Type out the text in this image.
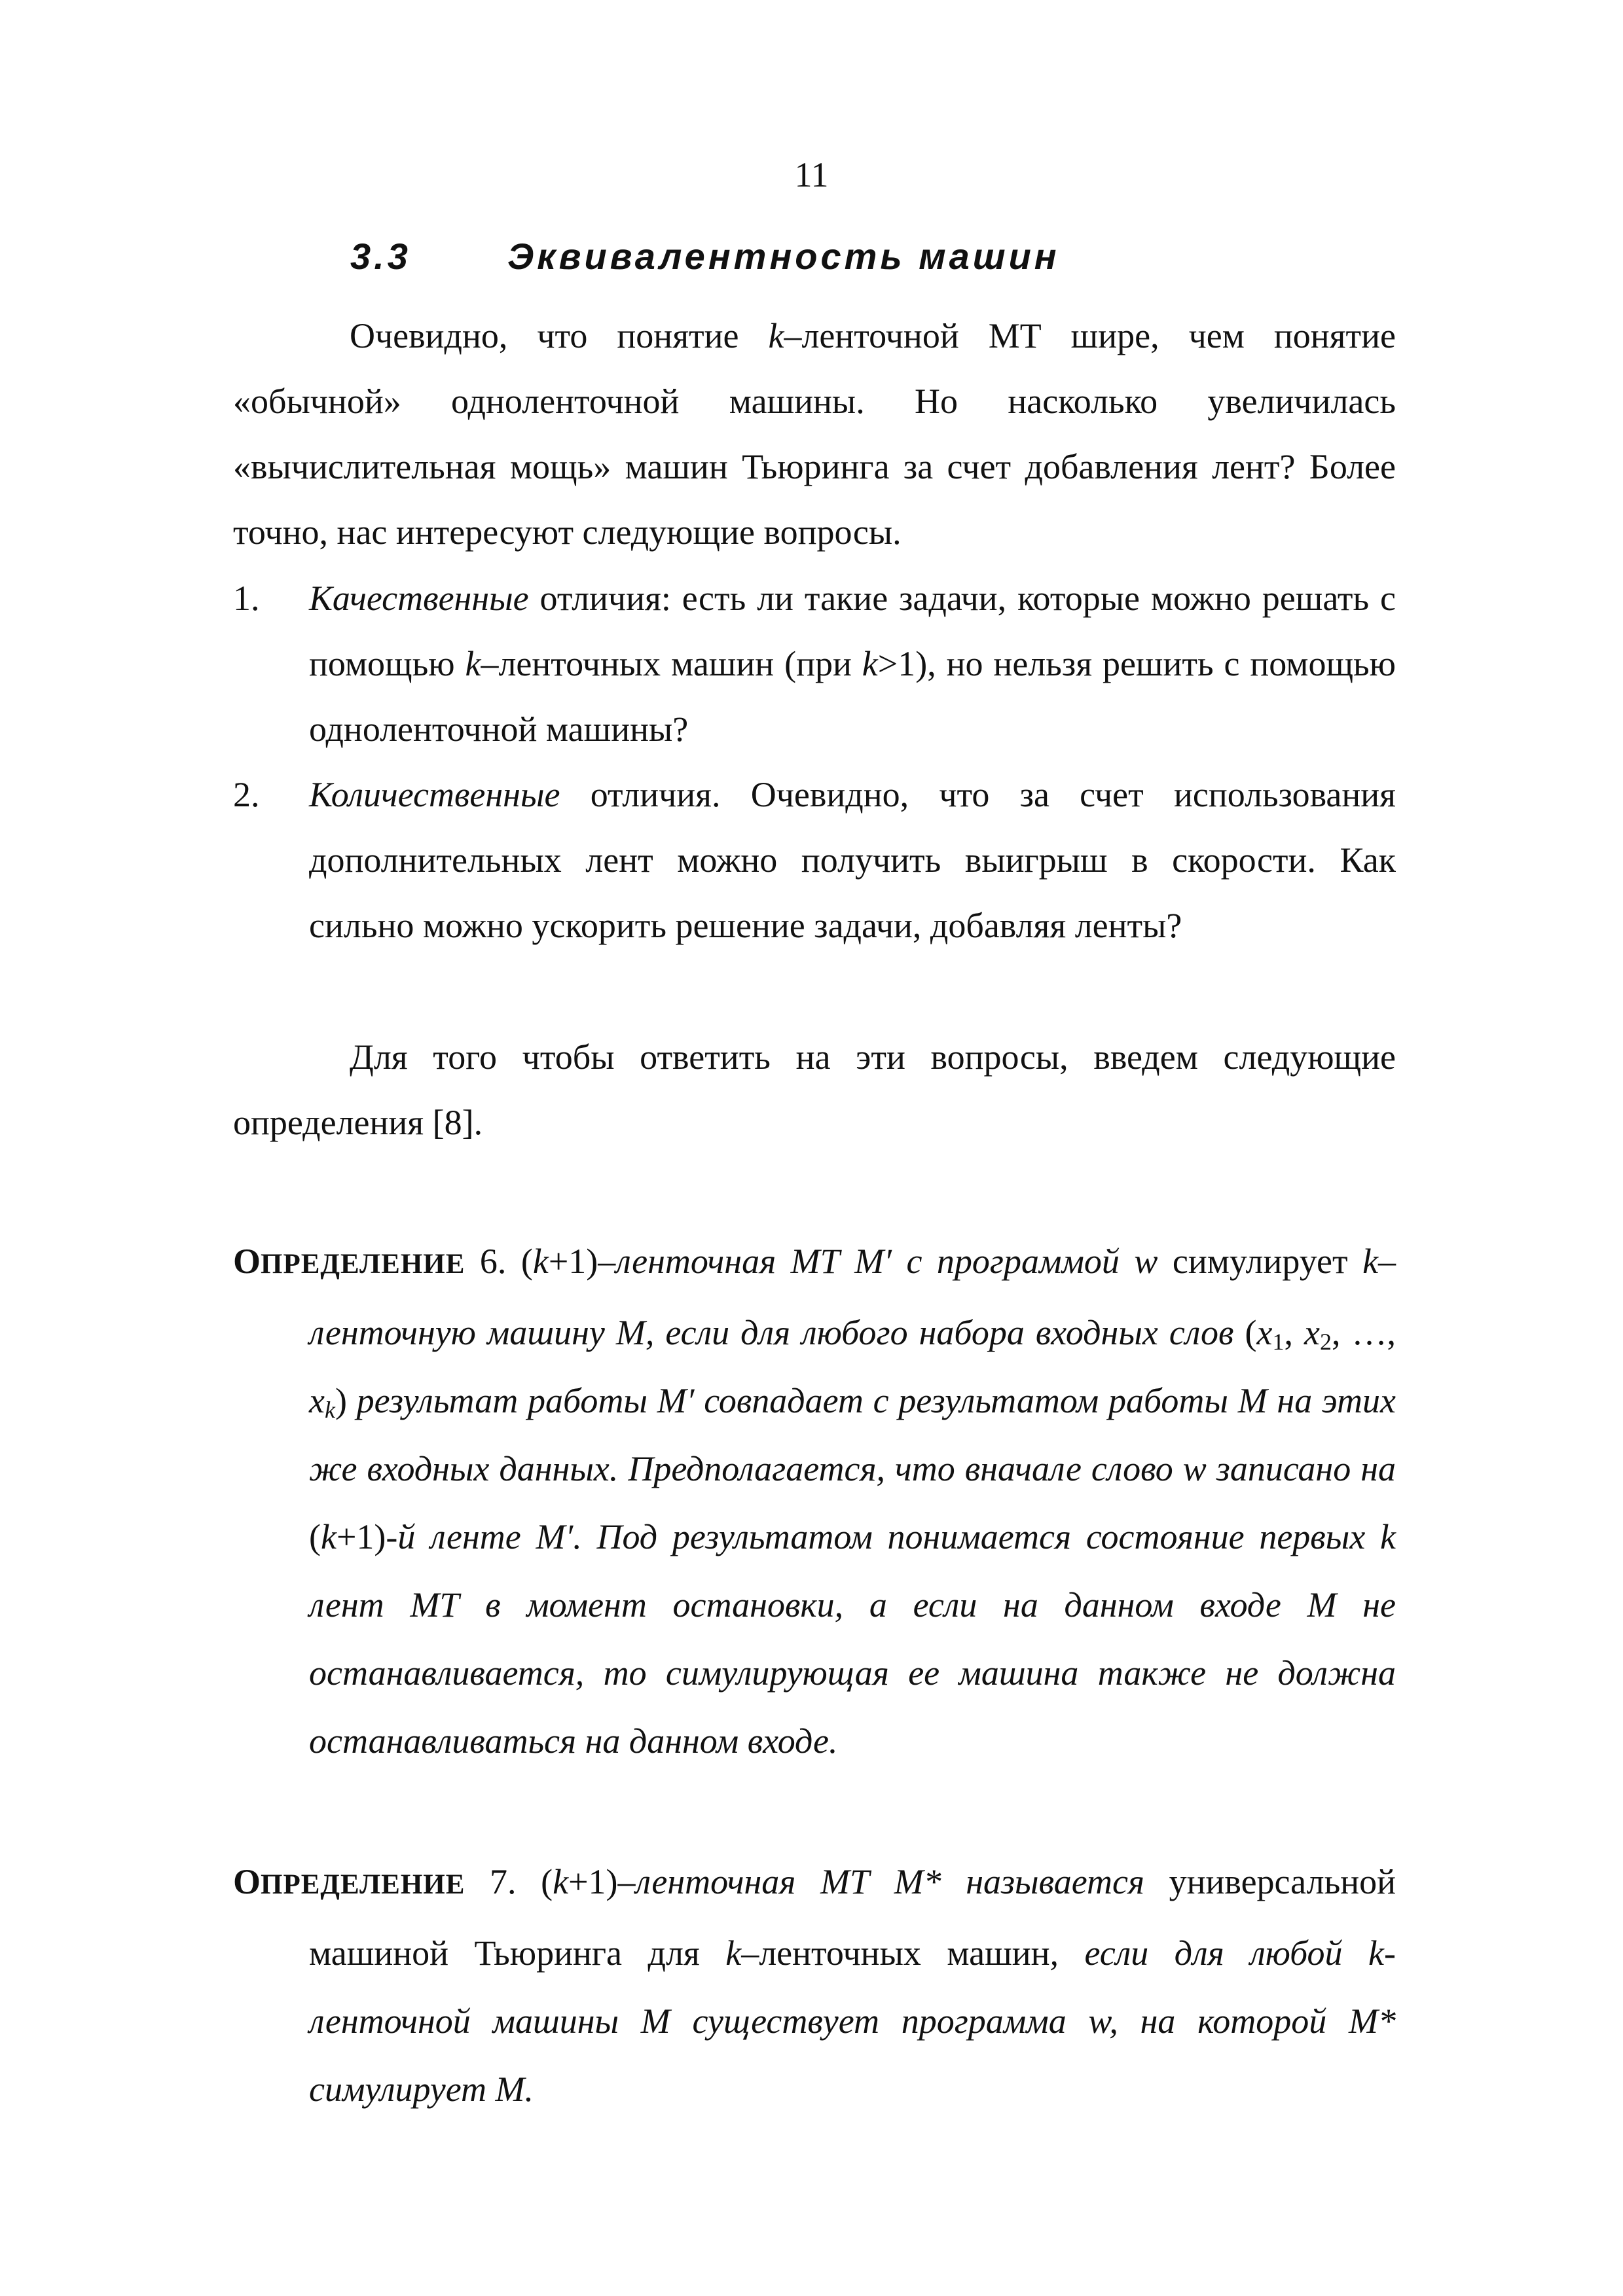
11
3.3	Эквивалентность машин

Очевидно, что понятие k–ленточной МТ шире, чем понятие «обычной» одноленточной машины. Но насколько увеличилась «вычислительная мощь» машин Тьюринга за счет добавления лент? Более точно, нас интересуют следующие вопросы.

1. Качественные отличия: есть ли такие задачи, которые можно решать с помощью k–ленточных машин (при k>1), но нельзя решить с помощью одноленточной машины?
2. Количественные отличия. Очевидно, что за счет использования дополнительных лент можно получить выигрыш в скорости. Как сильно можно ускорить решение задачи, добавляя ленты?

Для того чтобы ответить на эти вопросы, введем следующие определения [8].

ОПРЕДЕЛЕНИЕ 6. (k+1)–ленточная МТ M′ с программой w симулирует k–ленточную машину М, если для любого набора входных слов ($x_1$, $x_2$, …, $x_k$) результат работы M′ совпадает с результатом работы M на этих же входных данных. Предполагается, что вначале слово w записано на (k+1)-й ленте M′. Под результатом понимается состояние первых k лент МТ в момент остановки, а если на данном входе M не останавливается, то симулирующая ее машина также не должна останавливаться на данном входе.

ОПРЕДЕЛЕНИЕ 7. (k+1)–ленточная МТ M* называется универсальной машиной Тьюринга для k–ленточных машин, если для любой k-ленточной машины M существует программа w, на которой M* симулирует M.
